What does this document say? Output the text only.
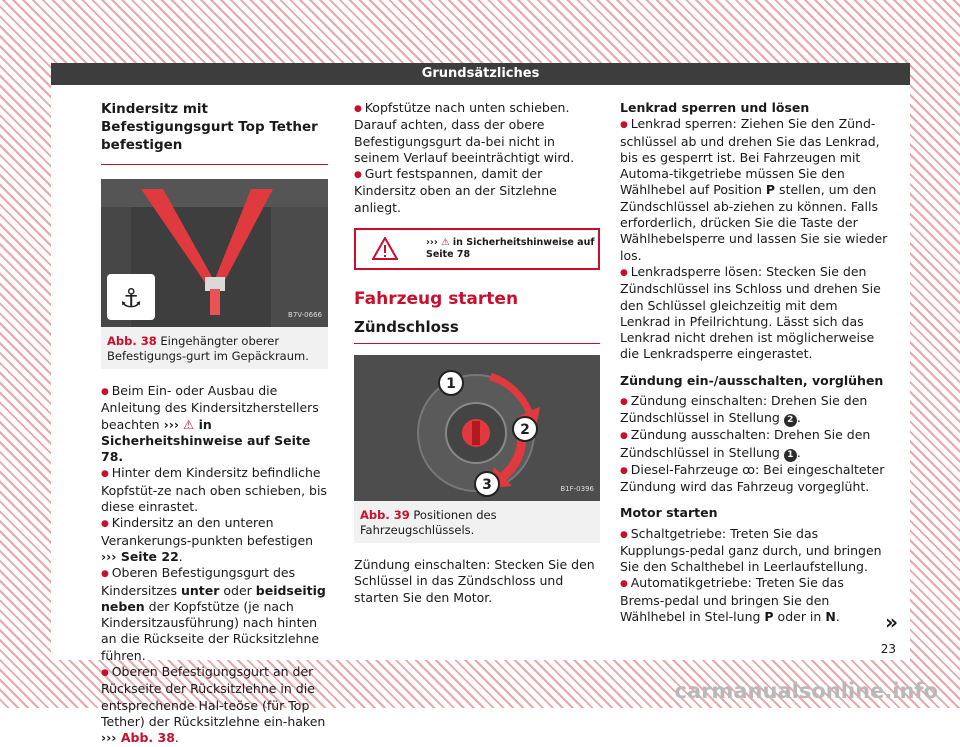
Grundsätzliches
Kindersitz mit Befestigungsgurt Top Tether befestigen
⚓
B7V-0666
Abb. 38 Eingehängter oberer Befestigungs-gurt im Gepäckraum.

● Beim Ein- oder Ausbau die Anleitung des Kindersitzherstellers beachten ››› ⚠ in Sicherheitshinweise auf Seite 78.

● Hinter dem Kindersitz befindliche Kopfstüt-ze nach oben schieben, bis diese einrastet.

● Kindersitz an den unteren Verankerungs-punkten befestigen ››› Seite 22.

● Oberen Befestigungsgurt des Kindersitzes unter oder beidseitig neben der Kopfstütze (je nach Kindersitzausführung) nach hinten an die Rückseite der Rücksitzlehne führen.

● Oberen Befestigungsgurt an der Rückseite der Rücksitzlehne in die entsprechende Hal-teöse (für Top Tether) der Rücksitzlehne ein-haken ››› Abb. 38.

● Kopfstütze nach unten schieben. Darauf achten, dass der obere Befestigungsgurt da-bei nicht in seinem Verlauf beeinträchtigt wird.

● Gurt festspannen, damit der Kindersitz oben an der Sitzlehne anliegt.

››› ⚠ in Sicherheitshinweise auf
Seite 78
Fahrzeug starten
Zündschloss
1
2
3	B1F-0396
Abb. 39 Positionen des Fahrzeugschlüssels.

Zündung einschalten: Stecken Sie den Schlüssel in das Zündschloss und starten Sie den Motor.

Lenkrad sperren und lösen

● Lenkrad sperren: Ziehen Sie den Zünd-schlüssel ab und drehen Sie das Lenkrad, bis es gesperrt ist. Bei Fahrzeugen mit Automa-tikgetriebe müssen Sie den Wählhebel auf Position P stellen, um den Zündschlüssel ab-ziehen zu können. Falls erforderlich, drücken Sie die Taste der Wählhebelsperre und lassen Sie sie wieder los.

● Lenkradsperre lösen: Stecken Sie den Zündschlüssel ins Schloss und drehen Sie den Schlüssel gleichzeitig mit dem Lenkrad in Pfeilrichtung. Lässt sich das Lenkrad nicht drehen ist möglicherweise die Lenkradsperre eingerastet.

Zündung ein-/ausschalten, vorglühen

● Zündung einschalten: Drehen Sie den Zündschlüssel in Stellung 2 .

● Zündung ausschalten: Drehen Sie den Zündschlüssel in Stellung 1 .

● Diesel-Fahrzeuge ꝏ: Bei eingeschalteter Zündung wird das Fahrzeug vorgeglüht.

Motor starten

● Schaltgetriebe: Treten Sie das Kupplungs-pedal ganz durch, und bringen Sie den Schalthebel in Leerlaufstellung.

● Automatikgetriebe: Treten Sie das Brems-pedal und bringen Sie den Wählhebel in Stel-lung P oder in N.	»
23
carmanualsonline.info
